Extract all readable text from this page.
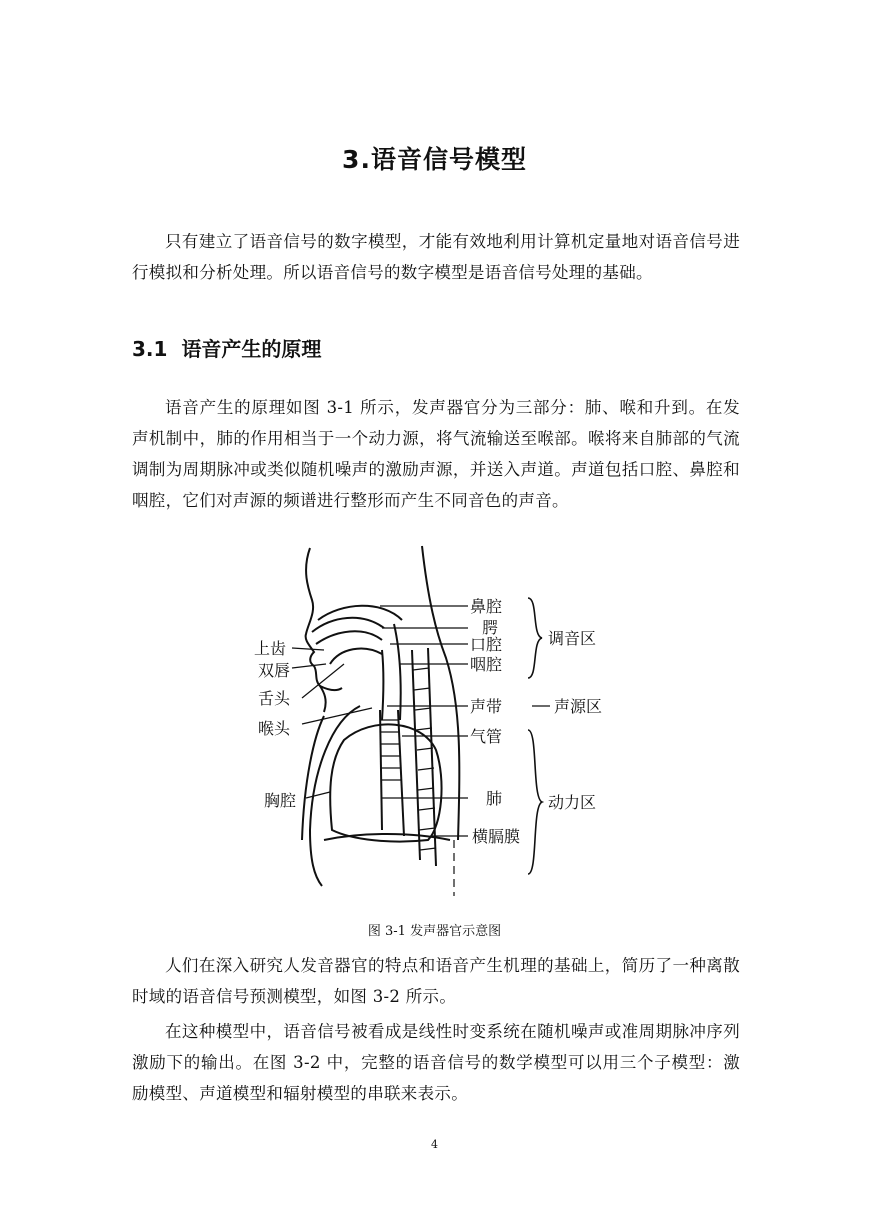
3.语音信号模型

只有建立了语音信号的数字模型，才能有效地利用计算机定量地对语音信号进行模拟和分析处理。所以语音信号的数字模型是语音信号处理的基础。

3.1 语音产生的原理

语音产生的原理如图 3-1 所示，发声器官分为三部分：肺、喉和升到。在发声机制中，肺的作用相当于一个动力源，将气流输送至喉部。喉将来自肺部的气流调制为周期脉冲或类似随机噪声的激励声源，并送入声道。声道包括口腔、鼻腔和咽腔，它们对声源的频谱进行整形而产生不同音色的声音。

鼻腔
腭
口腔
咽腔
声带
气管
肺
横膈膜
上齿
双唇
舌头
喉头
胸腔
调音区
声源区
动力区
图 3-1 发声器官示意图

人们在深入研究人发音器官的特点和语音产生机理的基础上，简历了一种离散时域的语音信号预测模型，如图 3-2 所示。

在这种模型中，语音信号被看成是线性时变系统在随机噪声或准周期脉冲序列激励下的输出。在图 3-2 中，完整的语音信号的数学模型可以用三个子模型：激励模型、声道模型和辐射模型的串联来表示。

4
